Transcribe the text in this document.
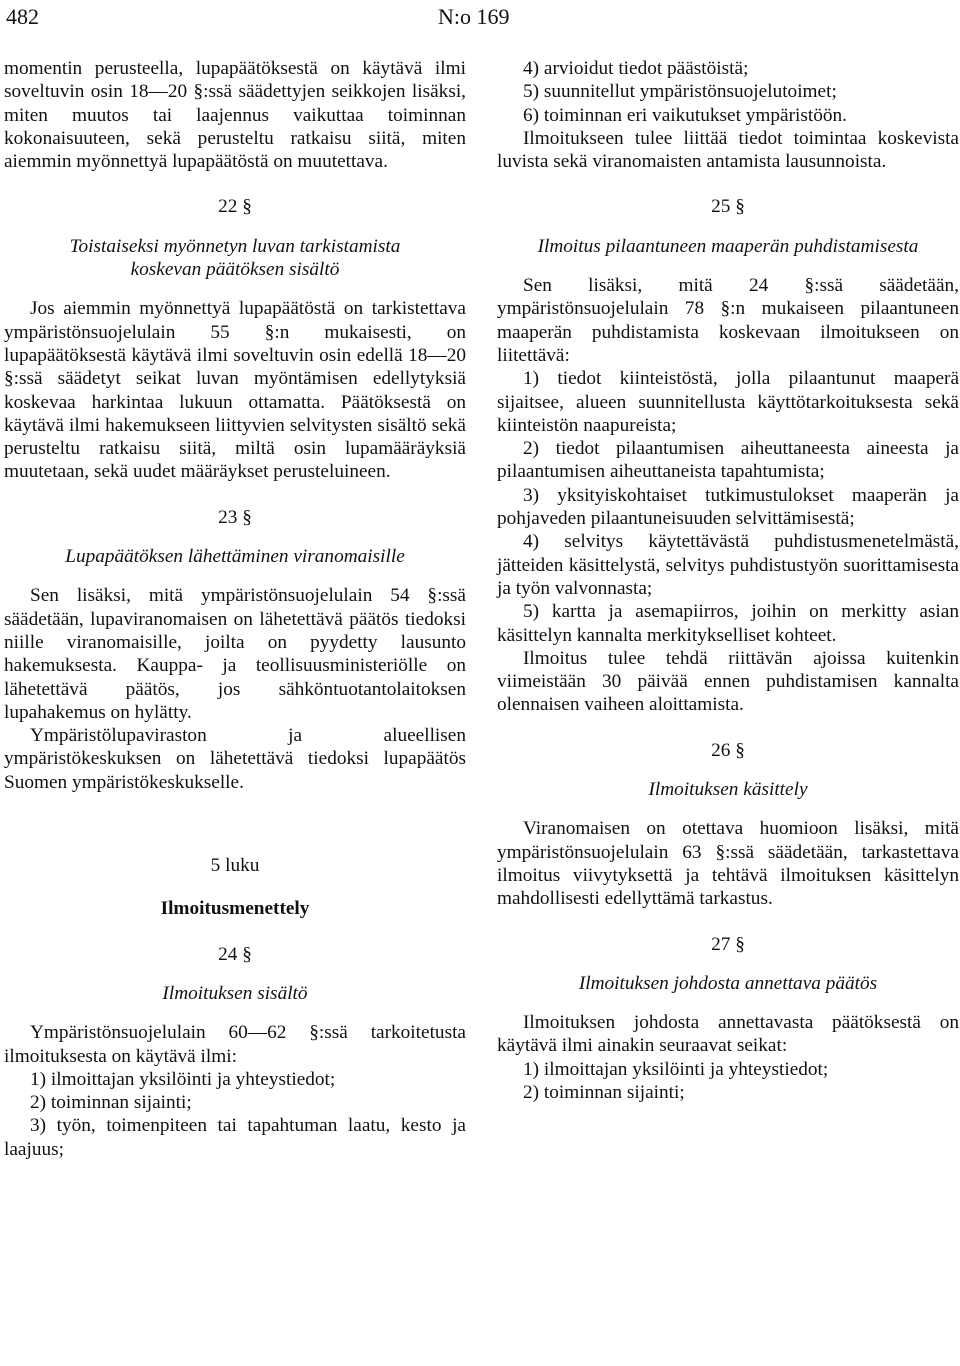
482	N:o 169

momentin perusteella, lupapäätöksestä on käytävä ilmi soveltuvin osin 18—20 §:ssä säädettyjen seikkojen lisäksi, miten muutos tai laajennus vaikuttaa toiminnan kokonaisuuteen, sekä perusteltu ratkaisu siitä, miten aiemmin myönnettyä lupapäätöstä on muutettava.

22 §
Toistaiseksi myönnetyn luvan tarkistamista koskevan päätöksen sisältö

Jos aiemmin myönnettyä lupapäätöstä on tarkistettava ympäristönsuojelulain 55 §:n mukaisesti, on lupapäätöksestä käytävä ilmi soveltuvin osin edellä 18—20 §:ssä säädetyt seikat luvan myöntämisen edellytyksiä koskevaa harkintaa lukuun ottamatta. Päätöksestä on käytävä ilmi hakemukseen liittyvien selvitysten sisältö sekä perusteltu ratkaisu siitä, miltä osin lupamääräyksiä muutetaan, sekä uudet määräykset perusteluineen.

23 §
Lupapäätöksen lähettäminen viranomaisille

Sen lisäksi, mitä ympäristönsuojelulain 54 §:ssä säädetään, lupaviranomaisen on lähetettävä päätös tiedoksi niille viranomaisille, joilta on pyydetty lausunto hakemuksesta. Kauppa- ja teollisuusministeriölle on lähetettävä päätös, jos sähköntuotantolaitoksen lupahakemus on hylätty.

Ympäristölupaviraston ja alueellisen ympäristökeskuksen on lähetettävä tiedoksi lupapäätös Suomen ympäristökeskukselle.

5 luku
Ilmoitusmenettely
24 §
Ilmoituksen sisältö

Ympäristönsuojelulain 60—62 §:ssä tarkoitetusta ilmoituksesta on käytävä ilmi:

1) ilmoittajan yksilöinti ja yhteystiedot;

2) toiminnan sijainti;

3) työn, toimenpiteen tai tapahtuman laatu, kesto ja laajuus;

4) arvioidut tiedot päästöistä;

5) suunnitellut ympäristönsuojelutoimet;

6) toiminnan eri vaikutukset ympäristöön.

Ilmoitukseen tulee liittää tiedot toimintaa koskevista luvista sekä viranomaisten antamista lausunnoista.

25 §
Ilmoitus pilaantuneen maaperän puhdistamisesta

Sen lisäksi, mitä 24 §:ssä säädetään, ympäristönsuojelulain 78 §:n mukaiseen pilaantuneen maaperän puhdistamista koskevaan ilmoitukseen on liitettävä:

1) tiedot kiinteistöstä, jolla pilaantunut maaperä sijaitsee, alueen suunnitellusta käyttötarkoituksesta sekä kiinteistön naapureista;

2) tiedot pilaantumisen aiheuttaneesta aineesta ja pilaantumisen aiheuttaneista tapahtumista;

3) yksityiskohtaiset tutkimustulokset maaperän ja pohjaveden pilaantuneisuuden selvittämisestä;

4) selvitys käytettävästä puhdistusmenetelmästä, jätteiden käsittelystä, selvitys puhdistustyön suorittamisesta ja työn valvonnasta;

5) kartta ja asemapiirros, joihin on merkitty asian käsittelyn kannalta merkitykselliset kohteet.

Ilmoitus tulee tehdä riittävän ajoissa kuitenkin viimeistään 30 päivää ennen puhdistamisen kannalta olennaisen vaiheen aloittamista.

26 §
Ilmoituksen käsittely

Viranomaisen on otettava huomioon lisäksi, mitä ympäristönsuojelulain 63 §:ssä säädetään, tarkastettava ilmoitus viivytyksettä ja tehtävä ilmoituksen käsittelyn mahdollisesti edellyttämä tarkastus.

27 §
Ilmoituksen johdosta annettava päätös

Ilmoituksen johdosta annettavasta päätöksestä on käytävä ilmi ainakin seuraavat seikat:

1) ilmoittajan yksilöinti ja yhteystiedot;

2) toiminnan sijainti;
